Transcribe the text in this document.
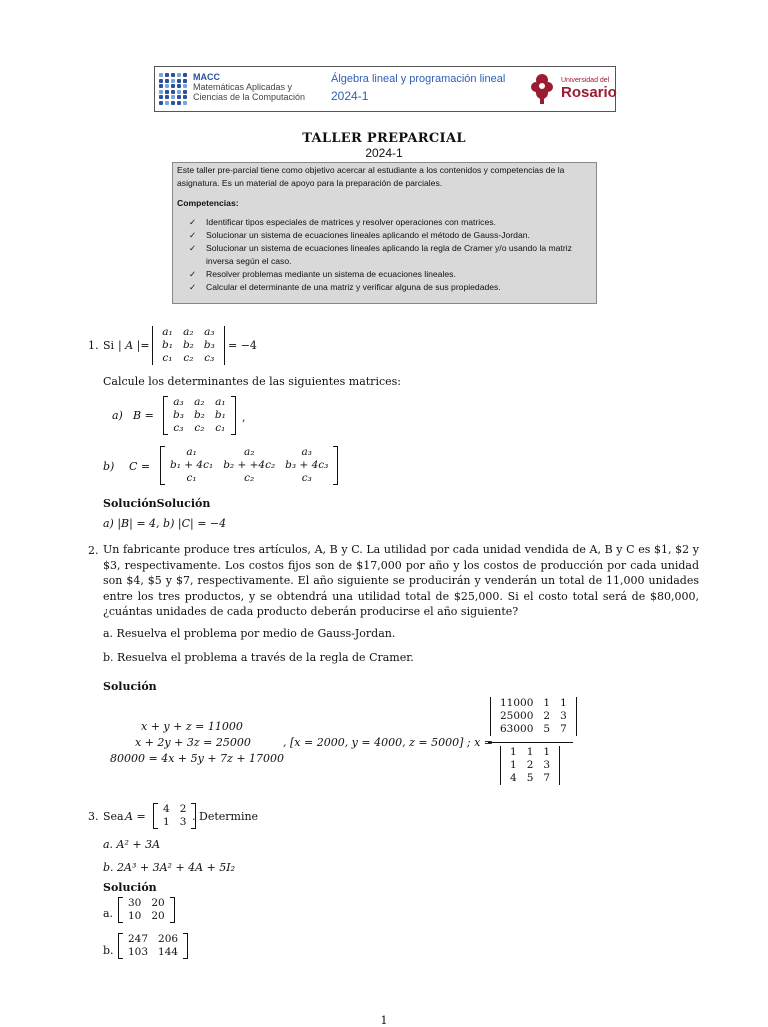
MACC
Matemáticas Aplicadas y
Ciencias de la Computación
Álgebra lineal y programación lineal
2024-1
Universidad del
Rosario
TALLER PREPARCIAL
2024-1
Este taller pre-parcial tiene como objetivo acercar al estudiante a los contenidos y competencias de la asignatura. Es un material de apoyo para la preparación de parciales.
Competencias:
✓ Identificar tipos especiales de matrices y resolver operaciones con matrices.
✓ Solucionar un sistema de ecuaciones lineales aplicando el método de Gauss-Jordan.
✓ Solucionar un sistema de ecuaciones lineales aplicando la regla de Cramer y/o usando la matriz inversa según el caso.
✓ Resolver problemas mediante un sistema de ecuaciones lineales.
✓ Calcular el determinante de una matriz y verificar alguna de sus propiedades.
1. Si | A |=
a₁	a₂	a₃
b₁	b₂	b₃
c₁	c₂	c₃
= −4
Calcule los determinantes de las siguientes matrices:
a) B =
a₃	a₂	a₁
b₃	b₂	b₁
c₃	c₂	c₁
,
b) C =
a₁	a₂	a₃
b₁ + 4c₁	b₂ + +4c₂	b₃ + 4c₃
c₁	c₂	c₃
SoluciónSolución
a) |B| = 4, b) |C| = −4
2. Un fabricante produce tres artículos, A, B y C. La utilidad por cada unidad vendida de A, B y C es $1, $2 y $3, respectivamente. Los costos fijos son de $17,000 por año y los costos de producción por cada unidad son $4, $5 y $7, respectivamente. El año siguiente se producirán y venderán un total de 11,000 unidades entre los tres productos, y se obtendrá una utilidad total de $25,000. Si el costo total será de $80,000, ¿cuántas unidades de cada producto deberán producirse el año siguiente?
a. Resuelva el problema por medio de Gauss-Jordan.
b. Resuelva el problema a través de la regla de Cramer.
Solución
x + y + z = 11000
x + 2y + 3z = 25000
80000 = 4x + 5y + 7z + 17000
, [x = 2000, y = 4000, z = 5000] ; x =
11000	1	1
25000	2	3
63000	5	7
1	1	1
1	2	3
4	5	7
3. Sea A =
4	2
1	3 . Determine
a. A² + 3A
b. 2A³ + 3A² + 4A + 5I₂
Solución
a.
30	20
10	20
b.
247	206
103	144
1
